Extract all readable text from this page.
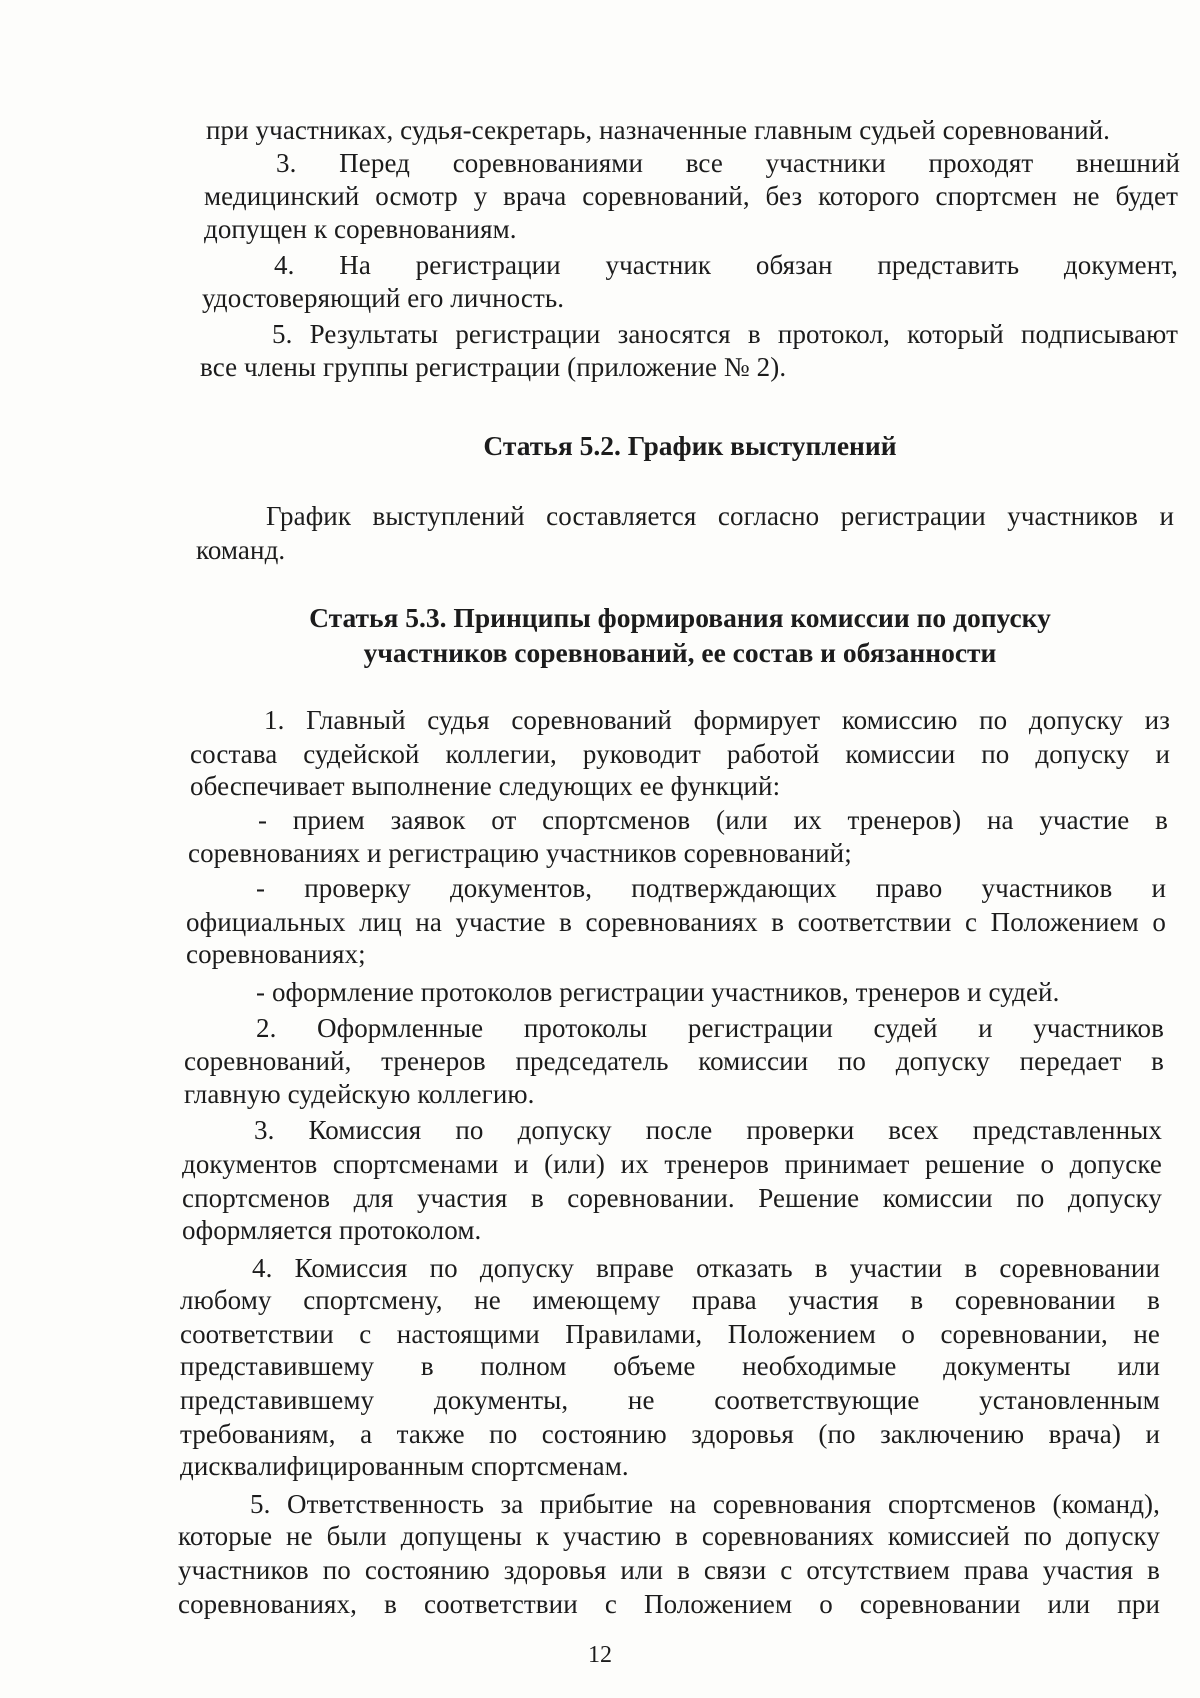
при участниках, судья-секретарь, назначенные главным судьей соревнований.
3. Перед соревнованиями все участники проходят внешний
медицинский осмотр у врача соревнований, без которого спортсмен не будет
допущен к соревнованиям.
4. На регистрации участник обязан представить документ,
удостоверяющий его личность.
5. Результаты регистрации заносятся в протокол, который подписывают
все члены группы регистрации (приложение № 2).
Статья 5.2. График выступлений
График выступлений составляется согласно регистрации участников и
команд.
Статья 5.3. Принципы формирования комиссии по допуску
участников соревнований, ее состав и обязанности
1. Главный судья соревнований формирует комиссию по допуску из
состава судейской коллегии, руководит работой комиссии по допуску и
обеспечивает выполнение следующих ее функций:
- прием заявок от спортсменов (или их тренеров) на участие в
соревнованиях и регистрацию участников соревнований;
- проверку документов, подтверждающих право участников и
официальных лиц на участие в соревнованиях в соответствии с Положением о
соревнованиях;
- оформление протоколов регистрации участников, тренеров и судей.
2. Оформленные протоколы регистрации судей и участников
соревнований, тренеров председатель комиссии по допуску передает в
главную судейскую коллегию.
3. Комиссия по допуску после проверки всех представленных
документов спортсменами и (или) их тренеров принимает решение о допуске
спортсменов для участия в соревновании. Решение комиссии по допуску
оформляется протоколом.
4. Комиссия по допуску вправе отказать в участии в соревновании
любому спортсмену, не имеющему права участия в соревновании в
соответствии с настоящими Правилами, Положением о соревновании, не
представившему в полном объеме необходимые документы или
представившему документы, не соответствующие установленным
требованиям, а также по состоянию здоровья (по заключению врача) и
дисквалифицированным спортсменам.
5. Ответственность за прибытие на соревнования спортсменов (команд),
которые не были допущены к участию в соревнованиях комиссией по допуску
участников по состоянию здоровья или в связи с отсутствием права участия в
12
соревнованиях, в соответствии с Положением о соревновании или при
